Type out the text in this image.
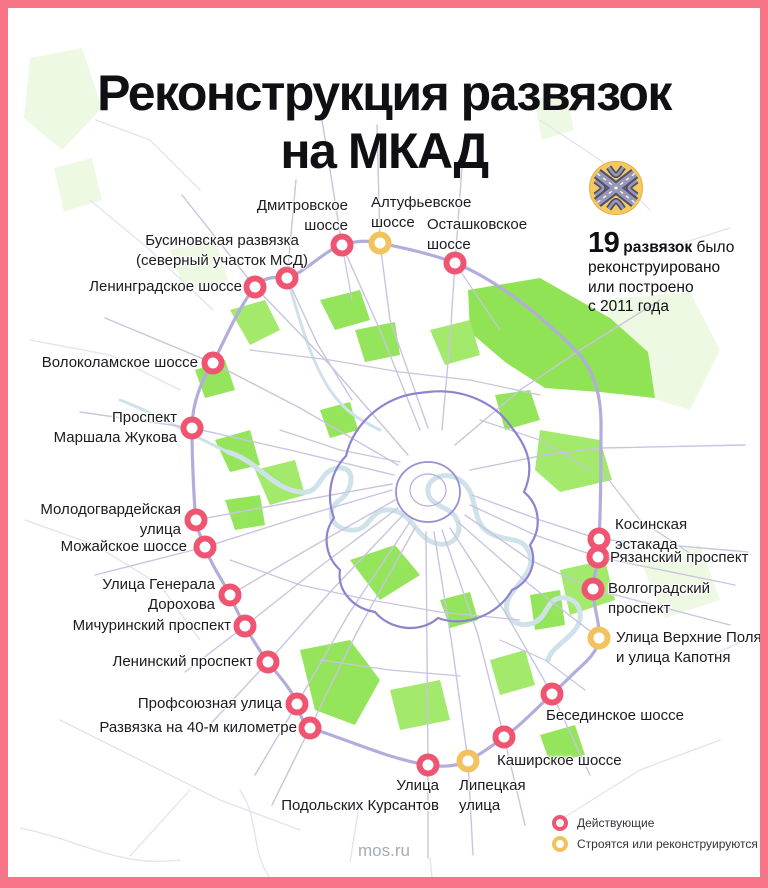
Реконструкция развязок
на МКАД
19 развязок было
реконструировано
или построено
с 2011 года
Дмитровское
шоссе
Алтуфьевское
шоссе Осташковское
шоссе
Бусиновская развязка
(северный участок МСД)
Ленинградское шоссе
Волоколамское шоссе
Проспект
Маршала Жукова
Молодогвардейская
улица
Можайское шоссе
Улица Генерала
Дорохова
Мичуринский проспект
Ленинский проспект
Профсоюзная улица
Развязка на 40-м километре
Улица
Подольских Курсантов
Липецкая
улица
Каширское шоссе
Бесединское шоссе
Косинская
эстакада
Рязанский проспект
Волгоградский
проспект
Улица Верхние Поля
и улица Капотня
Действующие
Строятся или реконструируются
mos.ru
